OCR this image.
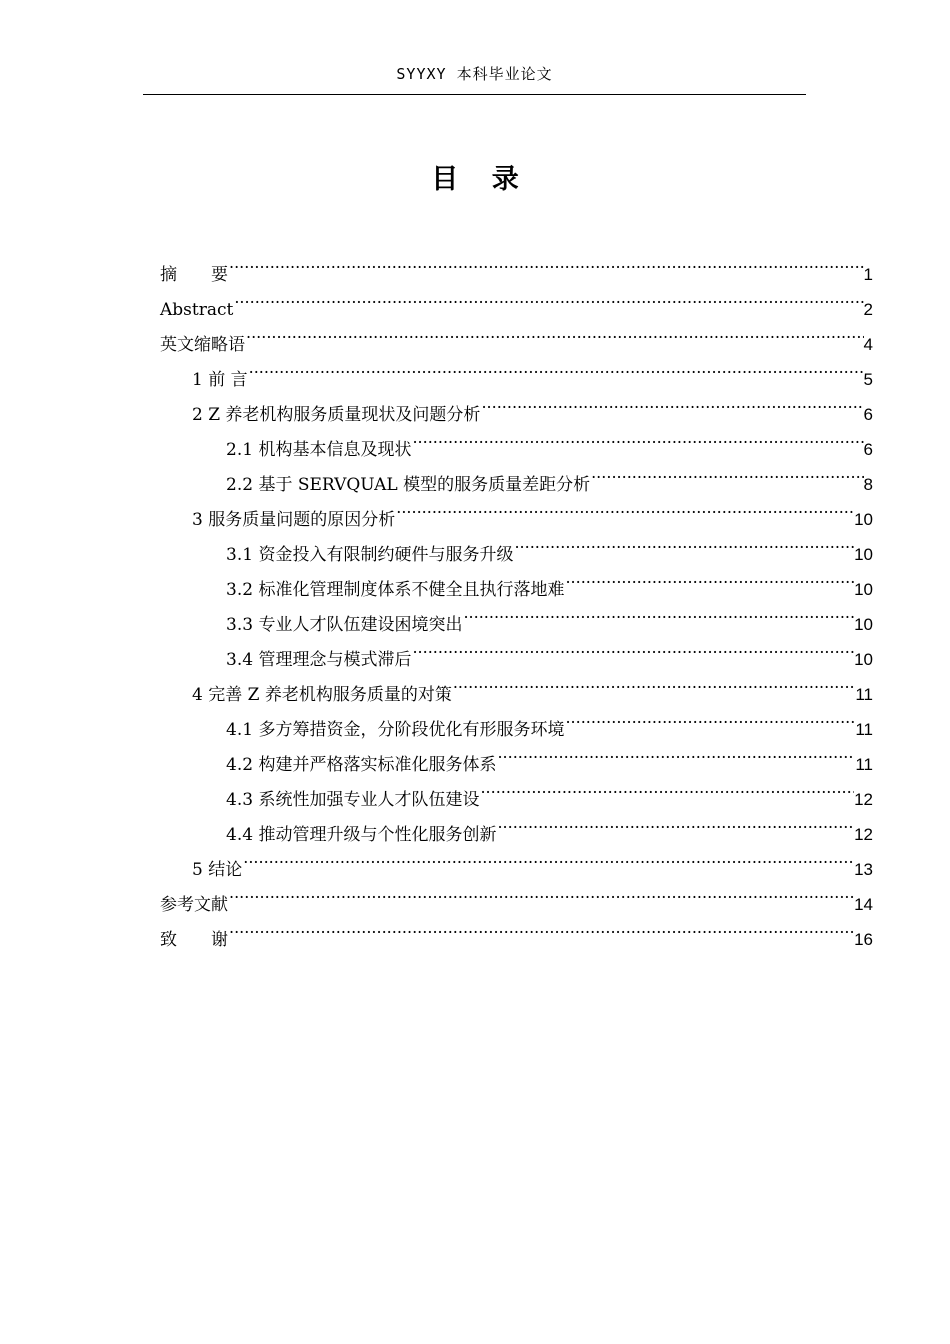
SYYXY 本科毕业论文
目 录
摘　　要 .....	1
Abstract .....	2
英文缩略语 .....	4
1 前 言 .....	5
2 Z 养老机构服务质量现状及问题分析 .....	6
2.1 机构基本信息及现状 .....	6
2.2 基于 SERVQUAL 模型的服务质量差距分析 .....	8
3 服务质量问题的原因分析 .....	10
3.1 资金投入有限制约硬件与服务升级 .....	10
3.2 标准化管理制度体系不健全且执行落地难 .....	10
3.3 专业人才队伍建设困境突出 .....	10
3.4 管理理念与模式滞后 .....	10
4 完善 Z 养老机构服务质量的对策 .....	11
4.1 多方筹措资金，分阶段优化有形服务环境 .....	11
4.2 构建并严格落实标准化服务体系 .....	11
4.3 系统性加强专业人才队伍建设 .....	12
4.4 推动管理升级与个性化服务创新 .....	12
5 结论 .....	13
参考文献 .....	14
致　　谢 .....	16
